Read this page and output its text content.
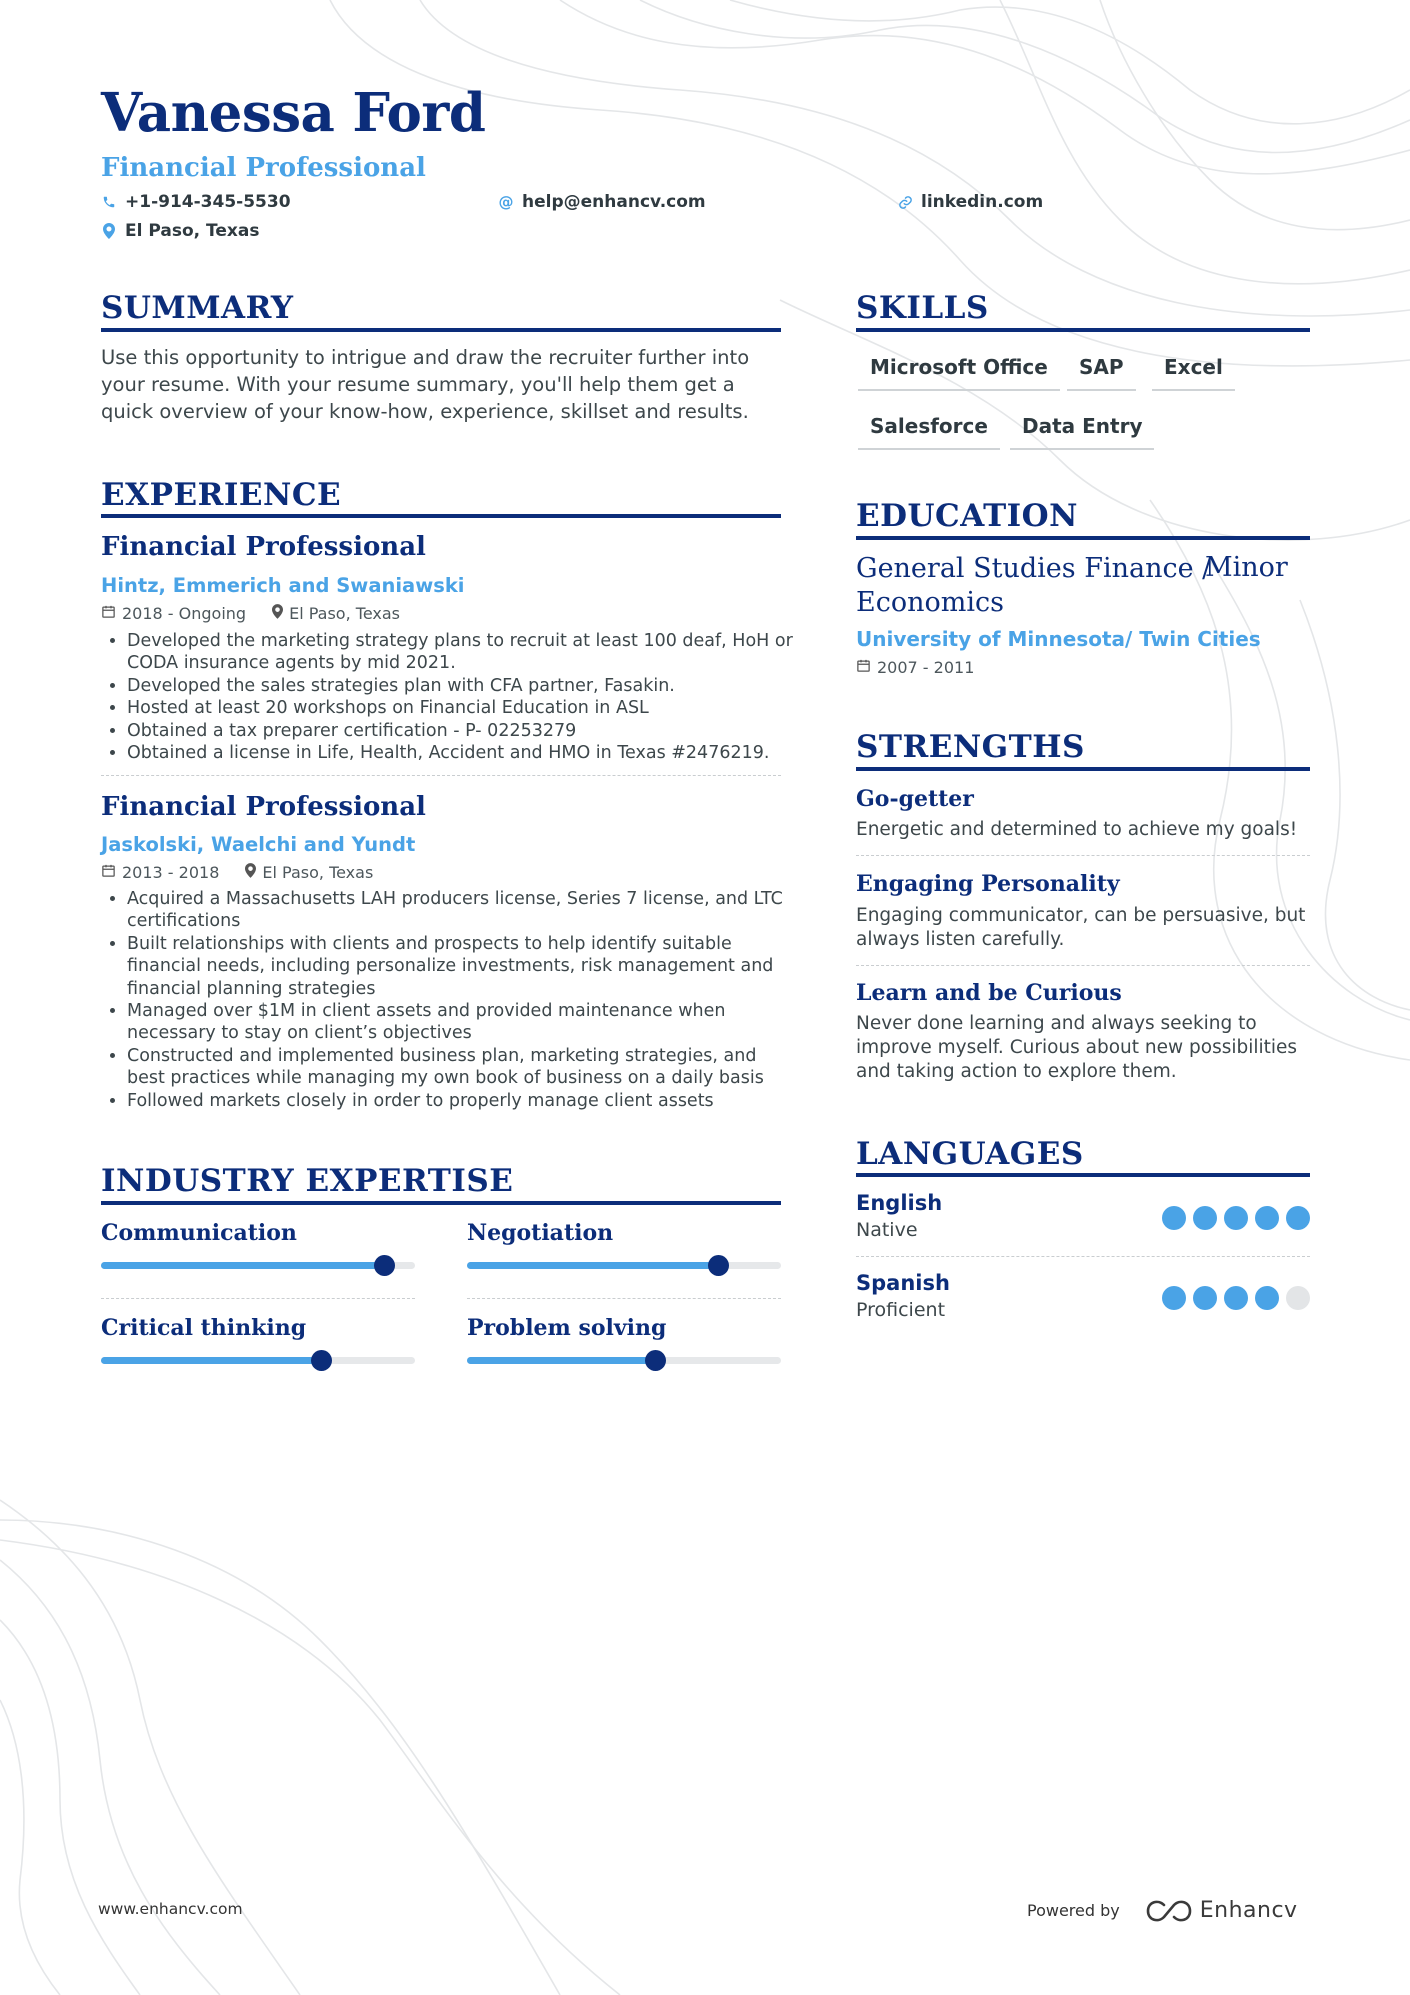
Vanessa Ford
Financial Professional
+1-914-345-5530	@ help@enhancv.com	linkedin.com
El Paso, Texas
SUMMARY

Use this opportunity to intrigue and draw the recruiter further into your resume. With your resume summary, you'll help them get a quick overview of your know-how, experience, skillset and results.

EXPERIENCE
Financial Professional

Hintz, Emmerich and Swaniawski

2018 - Ongoing	El Paso, Texas
• Developed the marketing strategy plans to recruit at least 100 deaf, HoH or CODA insurance agents by mid 2021.
• Developed the sales strategies plan with CFA partner, Fasakin.
• Hosted at least 20 workshops on Financial Education in ASL
• Obtained a tax preparer certification - P- 02253279
• Obtained a license in Life, Health, Accident and HMO in Texas #2476219.
Financial Professional

Jaskolski, Waelchi and Yundt

2013 - 2018	El Paso, Texas
• Acquired a Massachusetts LAH producers license, Series 7 license, and LTC certifications
• Built relationships with clients and prospects to help identify suitable financial needs, including personalize investments, risk management and financial planning strategies
• Managed over $1M in client assets and provided maintenance when necessary to stay on client’s objectives
• Constructed and implemented business plan, marketing strategies, and best practices while managing my own book of business on a daily basis
• Followed markets closely in order to properly manage client assets
INDUSTRY EXPERTISE

Communication	Negotiation

Critical thinking	Problem solving

SKILLS
Microsoft Office	SAP	Excel
Salesforce	Data Entry
EDUCATION

General Studies Finance / Economics

Minor

University of Minnesota/ Twin Cities

2007 - 2011
STRENGTHS

Go-getter

Energetic and determined to achieve my goals!

Engaging Personality

Engaging communicator, can be persuasive, but always listen carefully.

Learn and be Curious

Never done learning and always seeking to improve myself. Curious about new possibilities and taking action to explore them.

LANGUAGES

English

Native

Spanish

Proficient

www.enhancv.com	Powered by	Enhancv
